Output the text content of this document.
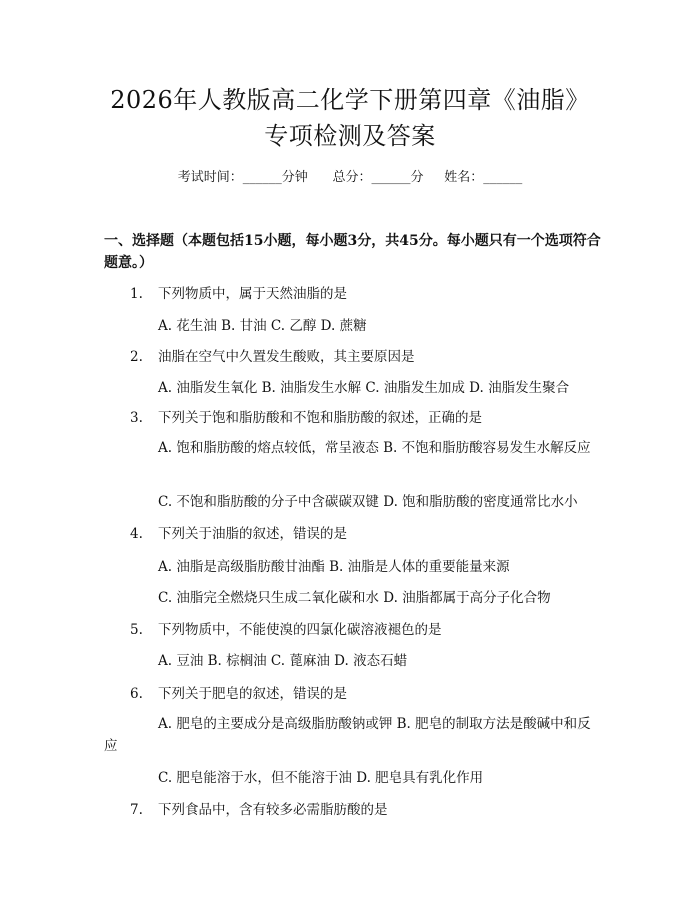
2026年人教版高二化学下册第四章《油脂》
专项检测及答案
考试时间：______分钟 总分：______分 姓名：______
一、选择题（本题包括15小题，每小题3分，共45分。每小题只有一个选项符合题意。）
1.	下列物质中，属于天然油脂的是
A. 花生油 B. 甘油 C. 乙醇 D. 蔗糖
2.	油脂在空气中久置发生酸败，其主要原因是
A. 油脂发生氧化 B. 油脂发生水解 C. 油脂发生加成 D. 油脂发生聚合
3.	下列关于饱和脂肪酸和不饱和脂肪酸的叙述，正确的是
A. 饱和脂肪酸的熔点较低，常呈液态 B. 不饱和脂肪酸容易发生水解反应
C. 不饱和脂肪酸的分子中含碳碳双键 D. 饱和脂肪酸的密度通常比水小
4.	下列关于油脂的叙述，错误的是
A. 油脂是高级脂肪酸甘油酯 B. 油脂是人体的重要能量来源
C. 油脂完全燃烧只生成二氧化碳和水 D. 油脂都属于高分子化合物
5.	下列物质中，不能使溴的四氯化碳溶液褪色的是
A. 豆油 B. 棕榈油 C. 蓖麻油 D. 液态石蜡
6.	下列关于肥皂的叙述，错误的是
A. 肥皂的主要成分是高级脂肪酸钠或钾 B. 肥皂的制取方法是酸碱中和反应
C. 肥皂能溶于水，但不能溶于油 D. 肥皂具有乳化作用
7.	下列食品中，含有较多必需脂肪酸的是
